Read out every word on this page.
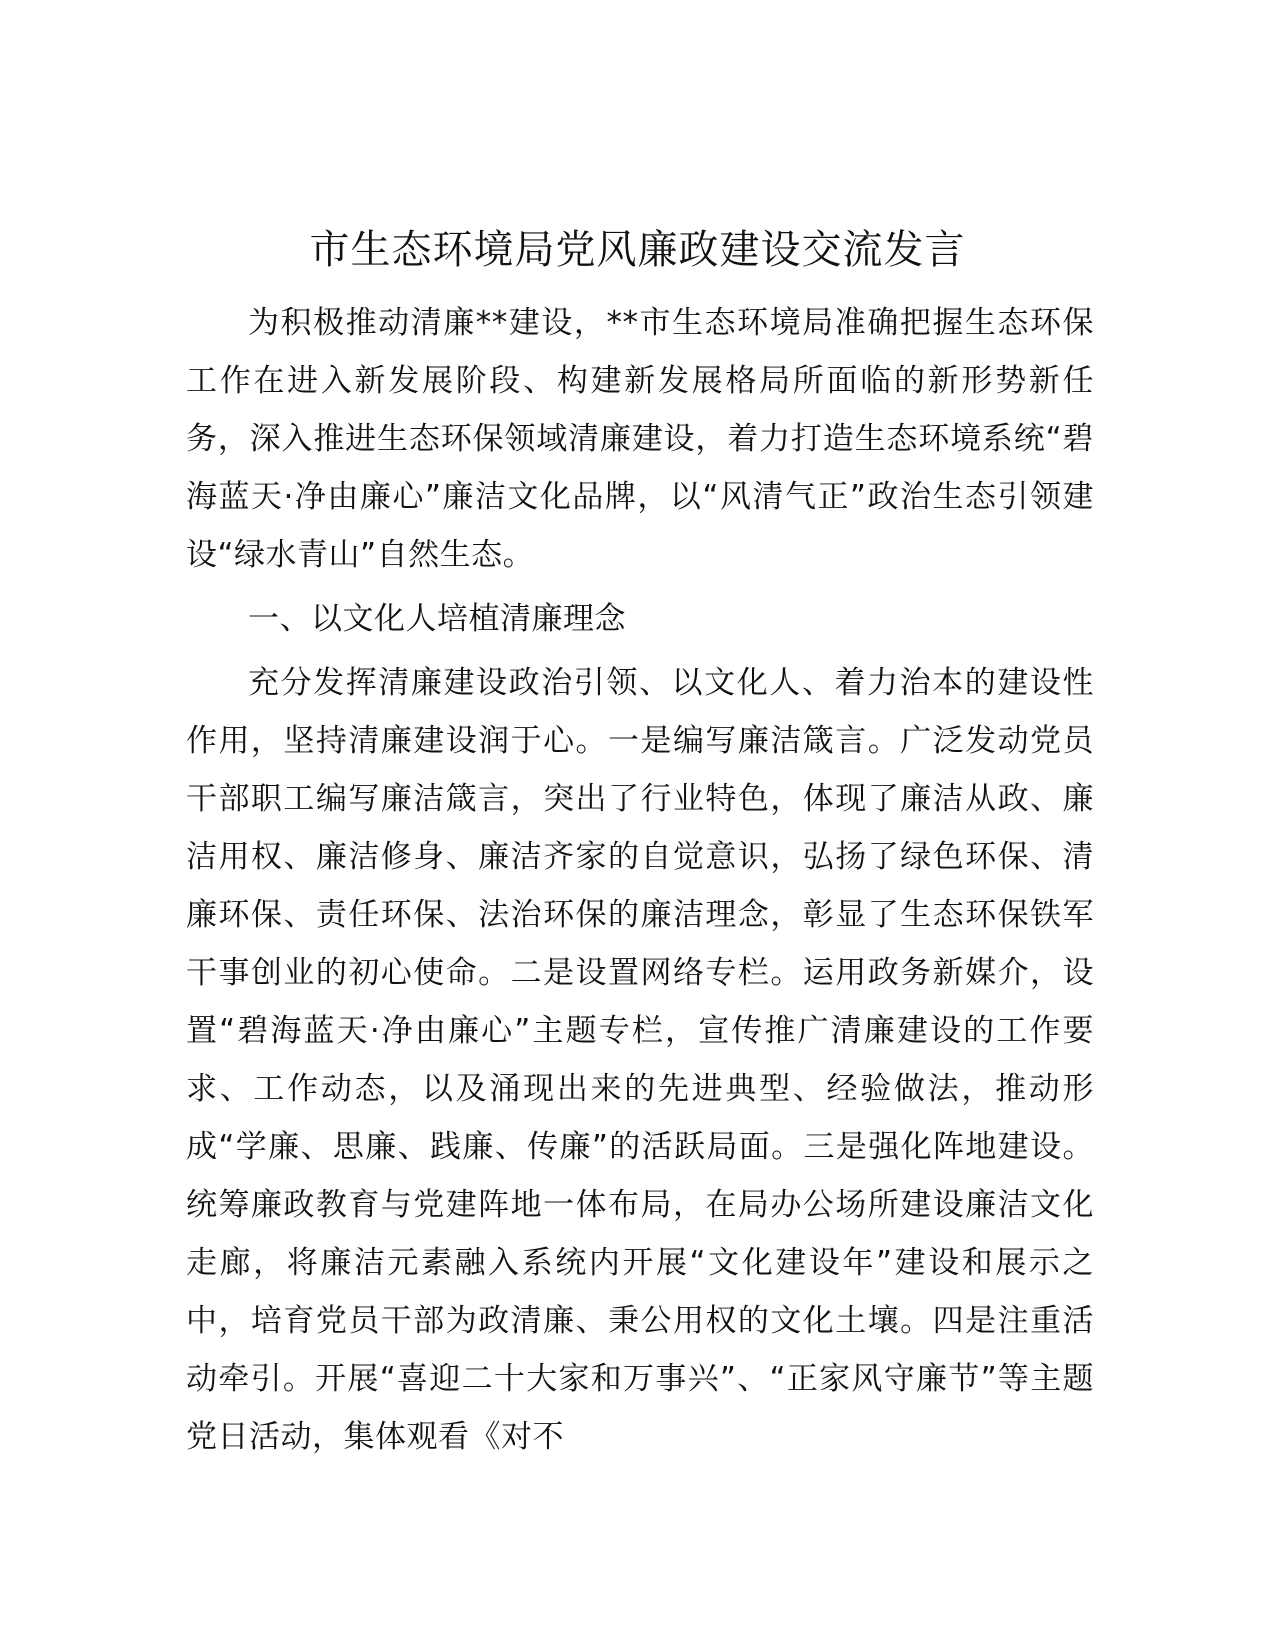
市生态环境局党风廉政建设交流发言

为积极推动清廉**建设，**市生态环境局准确把握生态环保工作在进入新发展阶段、构建新发展格局所面临的新形势新任务，深入推进生态环保领域清廉建设，着力打造生态环境系统“碧海蓝天·净由廉心”廉洁文化品牌，以“风清气正”政治生态引领建设“绿水青山”自然生态。

一、以文化人培植清廉理念

充分发挥清廉建设政治引领、以文化人、着力治本的建设性作用，坚持清廉建设润于心。一是编写廉洁箴言。广泛发动党员干部职工编写廉洁箴言，突出了行业特色，体现了廉洁从政、廉洁用权、廉洁修身、廉洁齐家的自觉意识，弘扬了绿色环保、清廉环保、责任环保、法治环保的廉洁理念，彰显了生态环保铁军干事创业的初心使命。二是设置网络专栏。运用政务新媒介，设置“碧海蓝天·净由廉心”主题专栏，宣传推广清廉建设的工作要求、工作动态，以及涌现出来的先进典型、经验做法，推动形成“学廉、思廉、践廉、传廉”的活跃局面。三是强化阵地建设。统筹廉政教育与党建阵地一体布局，在局办公场所建设廉洁文化走廊，将廉洁元素融入系统内开展“文化建设年”建设和展示之中，培育党员干部为政清廉、秉公用权的文化土壤。四是注重活动牵引。开展“喜迎二十大家和万事兴”、“正家风守廉节”等主题党日活动，集体观看《对不
